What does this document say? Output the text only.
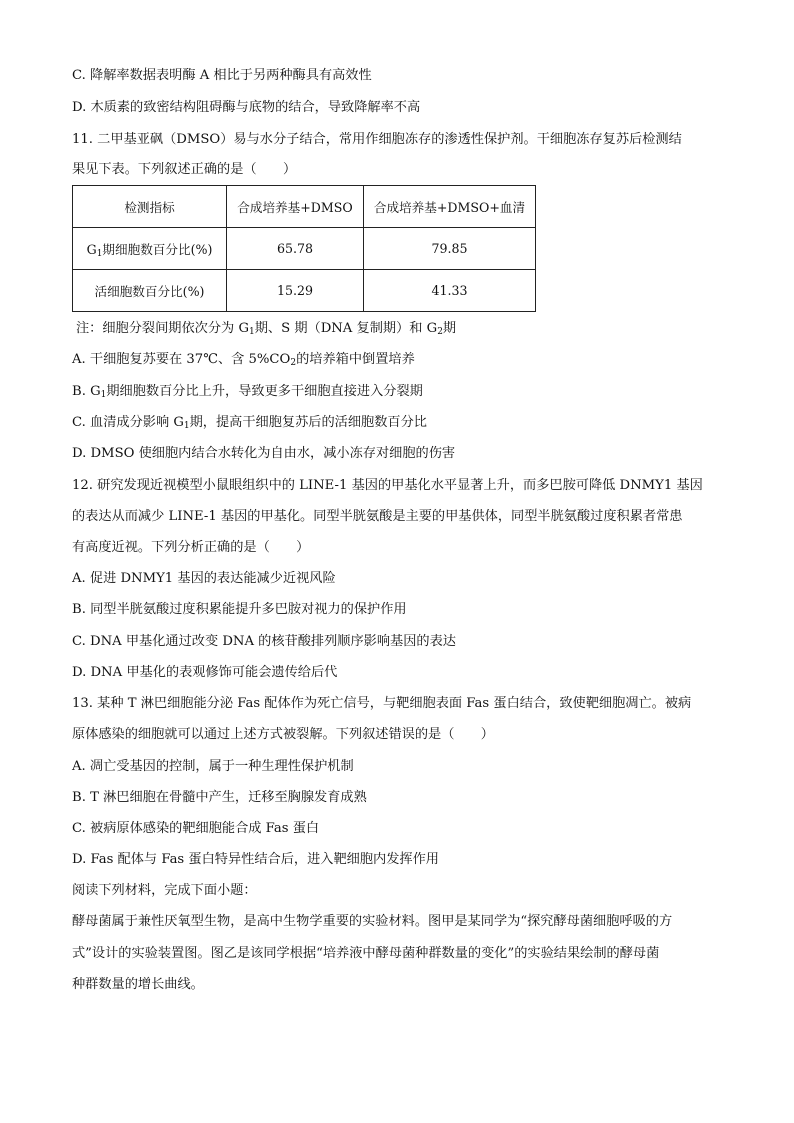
C. 降解率数据表明酶 A 相比于另两种酶具有高效性
D. 木质素的致密结构阻碍酶与底物的结合，导致降解率不高
11. 二甲基亚砜（DMSO）易与水分子结合，常用作细胞冻存的渗透性保护剂。干细胞冻存复苏后检测结
果见下表。下列叙述正确的是（　　）
检测指标	合成培养基+DMSO	合成培养基+DMSO+血清
$G_1$期细胞数百分比(%)	65.78	79.85
活细胞数百分比(%)	15.29	41.33
注：细胞分裂间期依次分为 $G_1$期、S 期（DNA 复制期）和 $G_2$期
A. 干细胞复苏要在 37℃、含 $5\%CO_2$的培养箱中倒置培养
B. $G_1$期细胞数百分比上升，导致更多干细胞直接进入分裂期
C. 血清成分影响 $G_1$期，提高干细胞复苏后的活细胞数百分比
D. DMSO 使细胞内结合水转化为自由水，减小冻存对细胞的伤害
12. 研究发现近视模型小鼠眼组织中的 LINE-1 基因的甲基化水平显著上升，而多巴胺可降低 DNMY1 基因
的表达从而减少 LINE-1 基因的甲基化。同型半胱氨酸是主要的甲基供体，同型半胱氨酸过度积累者常患
有高度近视。下列分析正确的是（　　）
A. 促进 DNMY1 基因的表达能减少近视风险
B. 同型半胱氨酸过度积累能提升多巴胺对视力的保护作用
C. DNA 甲基化通过改变 DNA 的核苷酸排列顺序影响基因的表达
D. DNA 甲基化的表观修饰可能会遗传给后代
13. 某种 T 淋巴细胞能分泌 Fas 配体作为死亡信号，与靶细胞表面 Fas 蛋白结合，致使靶细胞凋亡。被病
原体感染的细胞就可以通过上述方式被裂解。下列叙述错误的是（　　）
A. 凋亡受基因的控制，属于一种生理性保护机制
B. T 淋巴细胞在骨髓中产生，迁移至胸腺发育成熟
C. 被病原体感染的靶细胞能合成 Fas 蛋白
D. Fas 配体与 Fas 蛋白特异性结合后，进入靶细胞内发挥作用
阅读下列材料，完成下面小题：
酵母菌属于兼性厌氧型生物，是高中生物学重要的实验材料。图甲是某同学为“探究酵母菌细胞呼吸的方
式”设计的实验装置图。图乙是该同学根据“培养液中酵母菌种群数量的变化”的实验结果绘制的酵母菌
种群数量的增长曲线。
